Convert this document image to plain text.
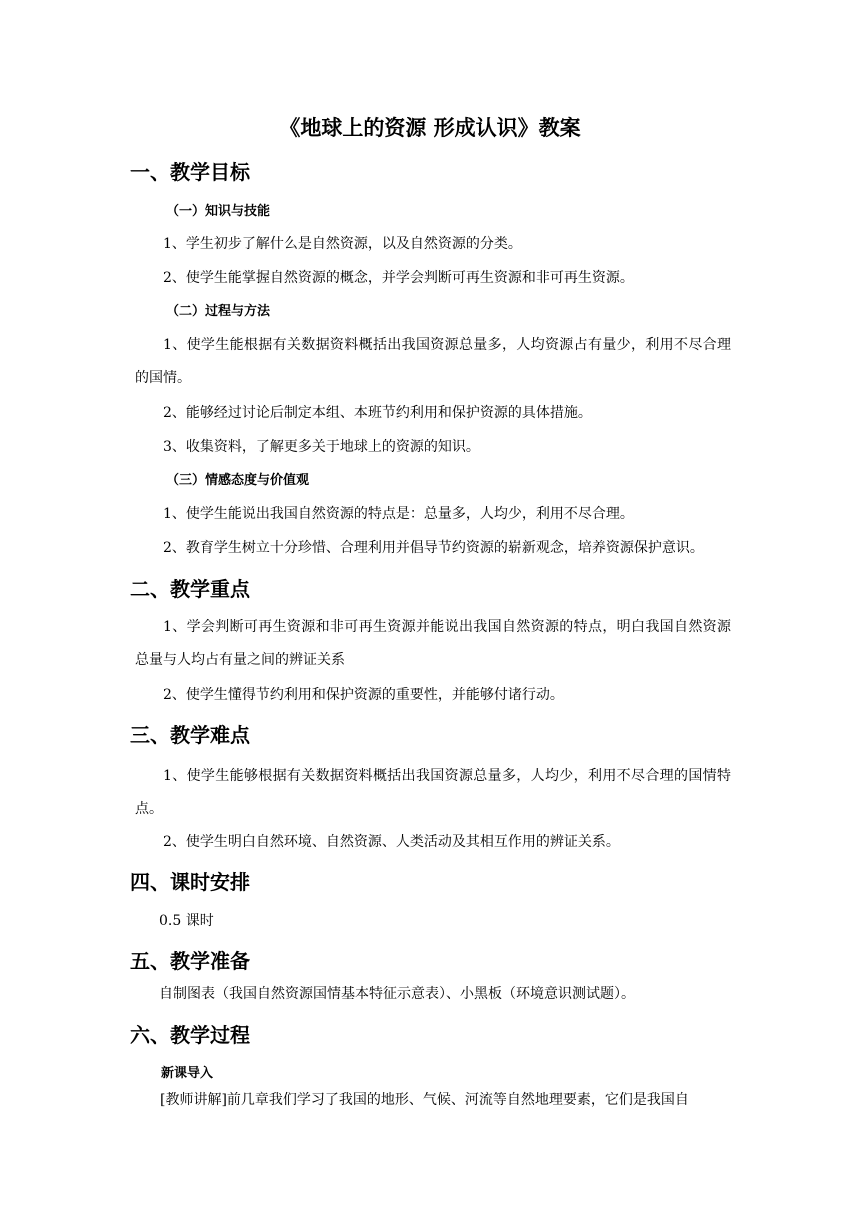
《地球上的资源 形成认识》教案
一、教学目标
（一）知识与技能

1、学生初步了解什么是自然资源，以及自然资源的分类。

2、使学生能掌握自然资源的概念，并学会判断可再生资源和非可再生资源。

（二）过程与方法

1、使学生能根据有关数据资料概括出我国资源总量多，人均资源占有量少，利用不尽合理的国情。

2、能够经过讨论后制定本组、本班节约利用和保护资源的具体措施。

3、收集资料，了解更多关于地球上的资源的知识。

（三）情感态度与价值观

1、使学生能说出我国自然资源的特点是：总量多，人均少，利用不尽合理。

2、教育学生树立十分珍惜、合理利用并倡导节约资源的崭新观念，培养资源保护意识。

二、教学重点

1、学会判断可再生资源和非可再生资源并能说出我国自然资源的特点，明白我国自然资源总量与人均占有量之间的辨证关系

2、使学生懂得节约利用和保护资源的重要性，并能够付诸行动。

三、教学难点

1、使学生能够根据有关数据资料概括出我国资源总量多，人均少，利用不尽合理的国情特点。

2、使学生明白自然环境、自然资源、人类活动及其相互作用的辨证关系。

四、课时安排

0.5 课时

五、教学准备

自制图表（我国自然资源国情基本特征示意表）、小黑板（环境意识测试题）。

六、教学过程
新课导入

[教师讲解]前几章我们学习了我国的地形、气候、河流等自然地理要素，它们是我国自
